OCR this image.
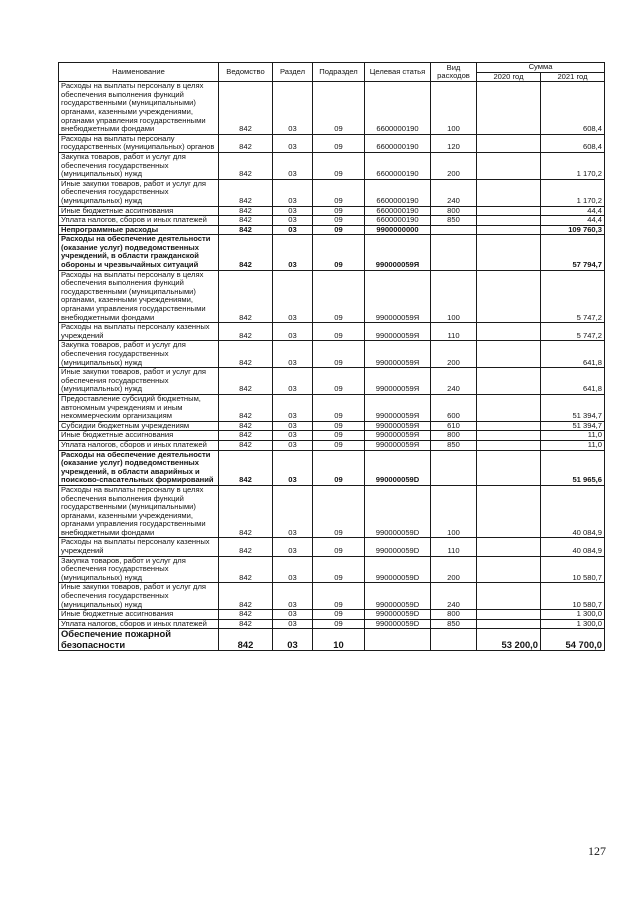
Наименование	Ведомство	Раздел	Подраздел	Целевая статья	Вид расходов	Сумма	
						2020 год	2021 год
Расходы на выплаты персоналу в целях обеспечения выполнения функций государственными (муниципальными) органами, казенными учреждениями, органами управления государственными внебюджетными фондами	842	03	09	6600000190	100		608,4
Расходы на выплаты персоналу государственных (муниципальных) органов	842	03	09	6600000190	120		608,4
Закупка товаров, работ и услуг для обеспечения государственных (муниципальных) нужд	842	03	09	6600000190	200		1 170,2
Иные закупки товаров, работ и услуг для обеспечения государственных (муниципальных) нужд	842	03	09	6600000190	240		1 170,2
Иные бюджетные ассигнования	842	03	09	6600000190	800		44,4
Уплата налогов, сборов и иных платежей	842	03	09	6600000190	850		44,4
Непрограммные расходы	842	03	09	9900000000			109 760,3
Расходы на обеспечение деятельности (оказание услуг) подведомственных учреждений, в области гражданской обороны и чрезвычайных ситуаций	842	03	09	990000059Я			57 794,7
Расходы на выплаты персоналу в целях обеспечения выполнения функций государственными (муниципальными) органами, казенными учреждениями, органами управления государственными внебюджетными фондами	842	03	09	990000059Я	100		5 747,2
Расходы на выплаты персоналу казенных учреждений	842	03	09	990000059Я	110		5 747,2
Закупка товаров, работ и услуг для обеспечения государственных (муниципальных) нужд	842	03	09	990000059Я	200		641,8
Иные закупки товаров, работ и услуг для обеспечения государственных (муниципальных) нужд	842	03	09	990000059Я	240		641,8
Предоставление субсидий бюджетным, автономным учреждениям и иным некоммерческим организациям	842	03	09	990000059Я	600		51 394,7
Субсидии бюджетным учреждениям	842	03	09	990000059Я	610		51 394,7
Иные бюджетные ассигнования	842	03	09	990000059Я	800		11,0
Уплата налогов, сборов и иных платежей	842	03	09	990000059Я	850		11,0
Расходы на обеспечение деятельности (оказание услуг) подведомственных учреждений, в области аварийных и поисково-спасательных формирований	842	03	09	990000059D			51 965,6
Расходы на выплаты персоналу в целях обеспечения выполнения функций государственными (муниципальными) органами, казенными учреждениями, органами управления государственными внебюджетными фондами	842	03	09	990000059D	100		40 084,9
Расходы на выплаты персоналу казенных учреждений	842	03	09	990000059D	110		40 084,9
Закупка товаров, работ и услуг для обеспечения государственных (муниципальных) нужд	842	03	09	990000059D	200		10 580,7
Иные закупки товаров, работ и услуг для обеспечения государственных (муниципальных) нужд	842	03	09	990000059D	240		10 580,7
Иные бюджетные ассигнования	842	03	09	990000059D	800		1 300,0
Уплата налогов, сборов и иных платежей	842	03	09	990000059D	850		1 300,0
Обеспечение пожарной безопасности	842	03	10			53 200,0	54 700,0
127
